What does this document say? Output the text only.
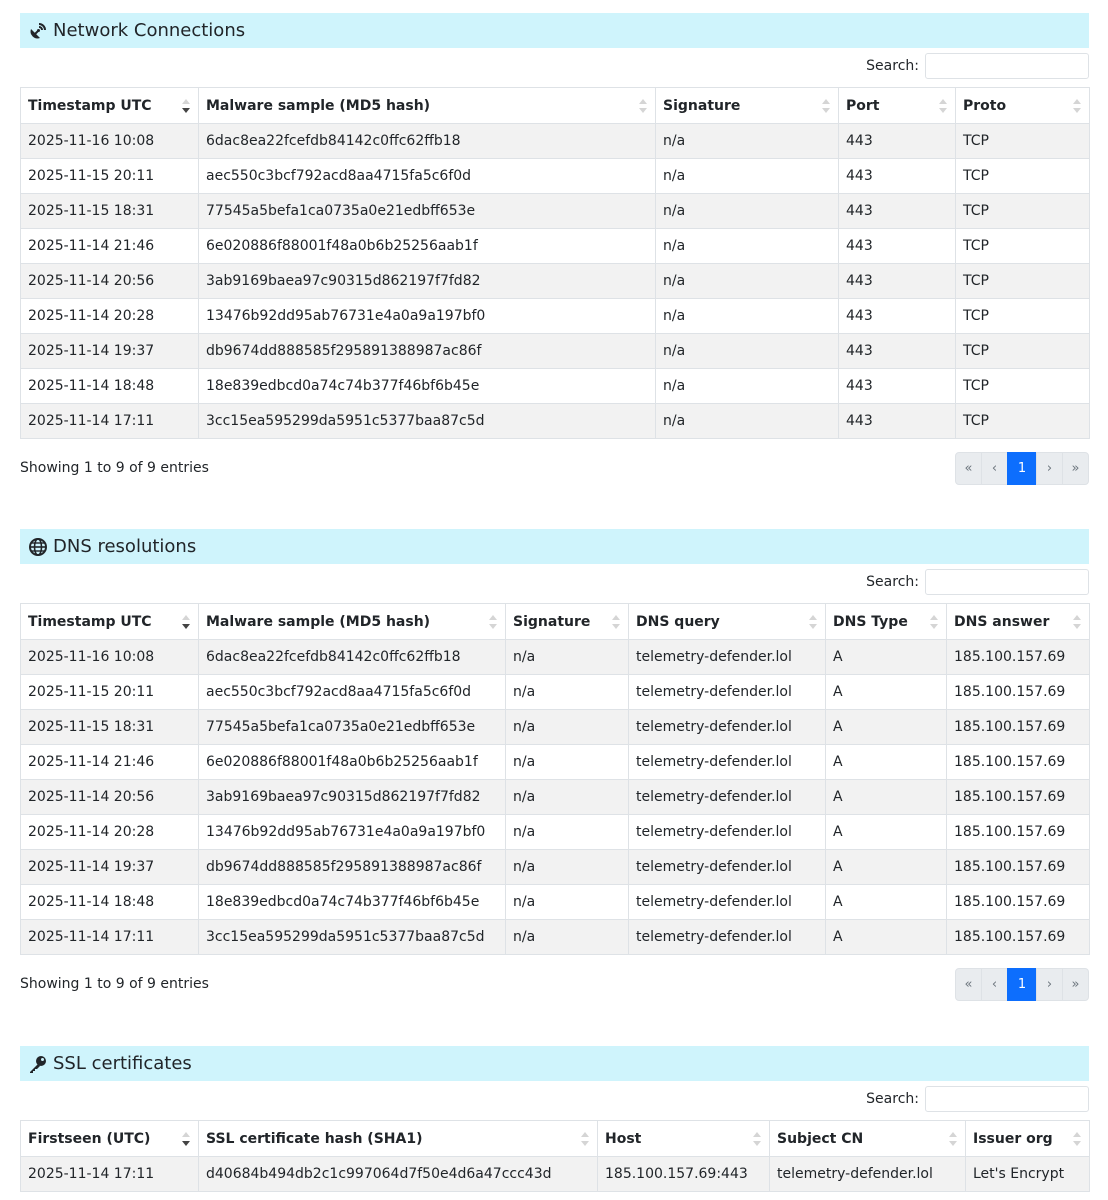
Network Connections
Search:
Timestamp UTC	Malware sample (MD5 hash)	Signature	Port	Proto

2025-11-16 10:08	6dac8ea22fcefdb84142c0ffc62ffb18	n/a	443	TCP
2025-11-15 20:11	aec550c3bcf792acd8aa4715fa5c6f0d	n/a	443	TCP
2025-11-15 18:31	77545a5befa1ca0735a0e21edbff653e	n/a	443	TCP
2025-11-14 21:46	6e020886f88001f48a0b6b25256aab1f	n/a	443	TCP
2025-11-14 20:56	3ab9169baea97c90315d862197f7fd82	n/a	443	TCP
2025-11-14 20:28	13476b92dd95ab76731e4a0a9a197bf0	n/a	443	TCP
2025-11-14 19:37	db9674dd888585f295891388987ac86f	n/a	443	TCP
2025-11-14 18:48	18e839edbcd0a74c74b377f46bf6b45e	n/a	443	TCP
2025-11-14 17:11	3cc15ea595299da5951c5377baa87c5d	n/a	443	TCP
Showing 1 to 9 of 9 entries	«	‹	1	›	»
DNS resolutions
Search:
Timestamp UTC	Malware sample (MD5 hash)	Signature	DNS query	DNS Type	DNS answer

2025-11-16 10:08	6dac8ea22fcefdb84142c0ffc62ffb18	n/a	telemetry-defender.lol	A	185.100.157.69
2025-11-15 20:11	aec550c3bcf792acd8aa4715fa5c6f0d	n/a	telemetry-defender.lol	A	185.100.157.69
2025-11-15 18:31	77545a5befa1ca0735a0e21edbff653e	n/a	telemetry-defender.lol	A	185.100.157.69
2025-11-14 21:46	6e020886f88001f48a0b6b25256aab1f	n/a	telemetry-defender.lol	A	185.100.157.69
2025-11-14 20:56	3ab9169baea97c90315d862197f7fd82	n/a	telemetry-defender.lol	A	185.100.157.69
2025-11-14 20:28	13476b92dd95ab76731e4a0a9a197bf0	n/a	telemetry-defender.lol	A	185.100.157.69
2025-11-14 19:37	db9674dd888585f295891388987ac86f	n/a	telemetry-defender.lol	A	185.100.157.69
2025-11-14 18:48	18e839edbcd0a74c74b377f46bf6b45e	n/a	telemetry-defender.lol	A	185.100.157.69
2025-11-14 17:11	3cc15ea595299da5951c5377baa87c5d	n/a	telemetry-defender.lol	A	185.100.157.69
Showing 1 to 9 of 9 entries	«	‹	1	›	»
SSL certificates
Search:
Firstseen (UTC)	SSL certificate hash (SHA1)	Host	Subject CN	Issuer org

2025-11-14 17:11	d40684b494db2c1c997064d7f50e4d6a47ccc43d	185.100.157.69:443	telemetry-defender.lol	Let's Encrypt
